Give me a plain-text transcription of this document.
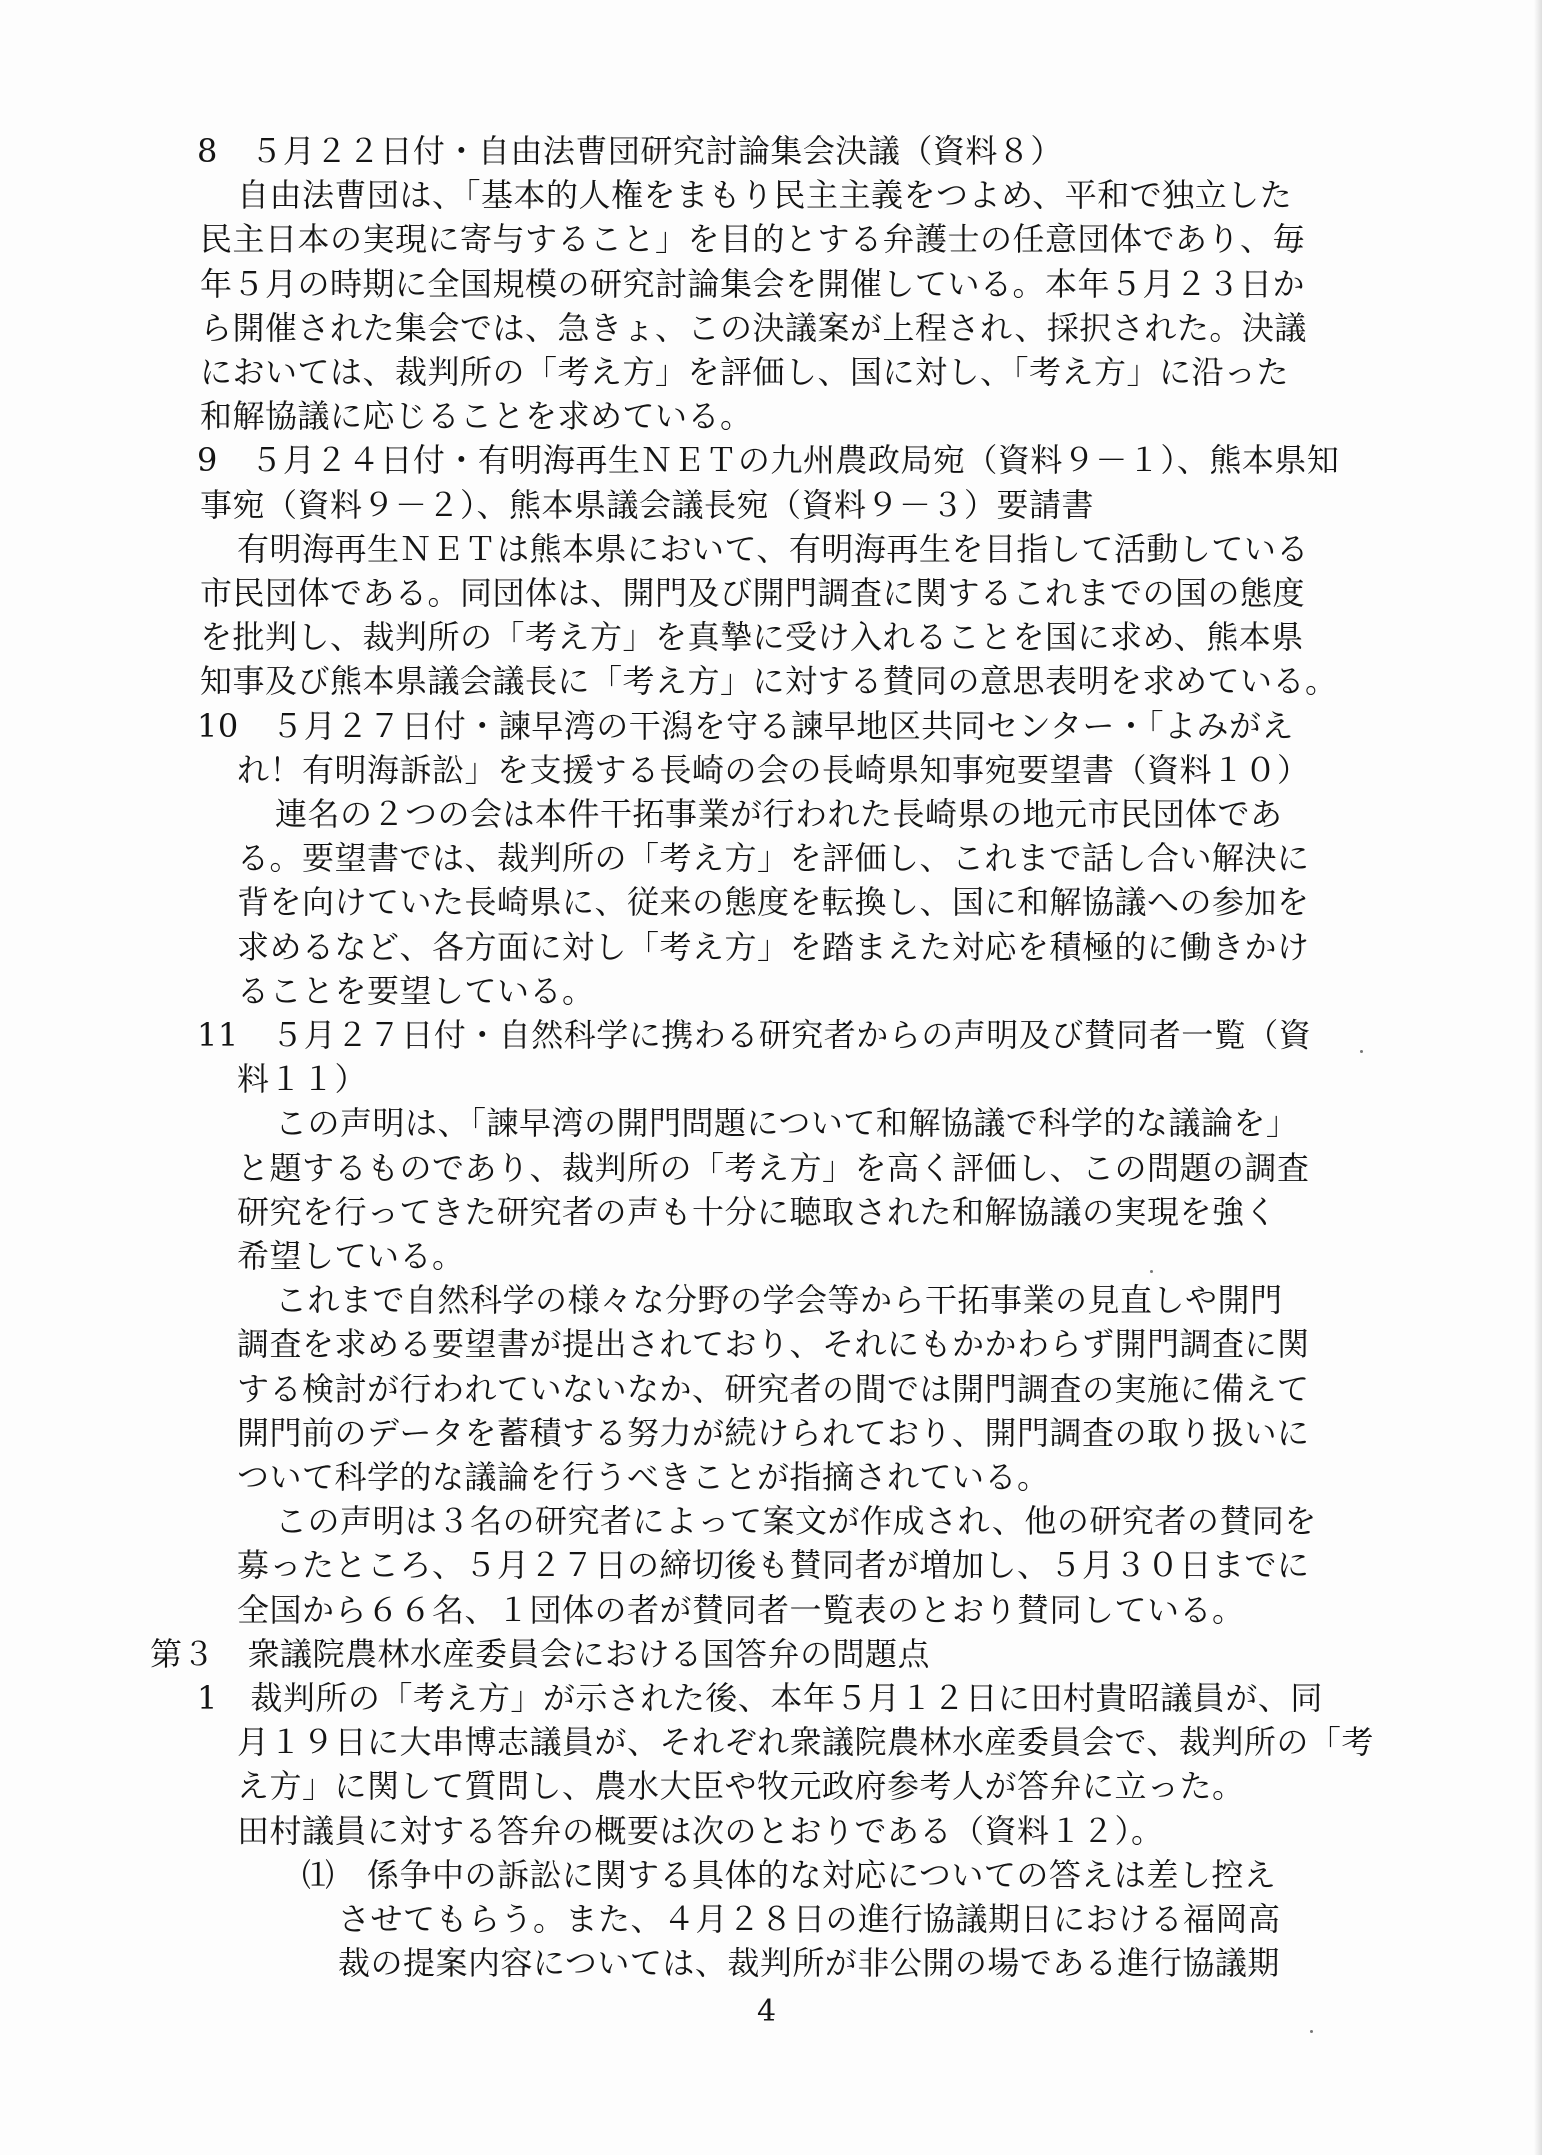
8　５月２２日付・自由法曹団研究討論集会決議（資料８）
自由法曹団は、「基本的人権をまもり民主主義をつよめ、平和で独立した
民主日本の実現に寄与すること」を目的とする弁護士の任意団体であり、毎
年５月の時期に全国規模の研究討論集会を開催している。本年５月２３日か
ら開催された集会では、急きょ、この決議案が上程され、採択された。決議
においては、裁判所の「考え方」を評価し、国に対し、「考え方」に沿った
和解協議に応じることを求めている。
9　５月２４日付・有明海再生ＮＥＴの九州農政局宛（資料９－１）、熊本県知
事宛（資料９－２）、熊本県議会議長宛（資料９－３）要請書
有明海再生ＮＥＴは熊本県において、有明海再生を目指して活動している
市民団体である。同団体は、開門及び開門調査に関するこれまでの国の態度
を批判し、裁判所の「考え方」を真摯に受け入れることを国に求め、熊本県
知事及び熊本県議会議長に「考え方」に対する賛同の意思表明を求めている。
10　５月２７日付・諫早湾の干潟を守る諫早地区共同センター・「よみがえ
れ！有明海訴訟」を支援する長崎の会の長崎県知事宛要望書（資料１０）
連名の２つの会は本件干拓事業が行われた長崎県の地元市民団体であ
る。要望書では、裁判所の「考え方」を評価し、これまで話し合い解決に
背を向けていた長崎県に、従来の態度を転換し、国に和解協議への参加を
求めるなど、各方面に対し「考え方」を踏まえた対応を積極的に働きかけ
ることを要望している。
11　５月２７日付・自然科学に携わる研究者からの声明及び賛同者一覧（資
料１１）
この声明は、「諫早湾の開門問題について和解協議で科学的な議論を」
と題するものであり、裁判所の「考え方」を高く評価し、この問題の調査
研究を行ってきた研究者の声も十分に聴取された和解協議の実現を強く
希望している。
これまで自然科学の様々な分野の学会等から干拓事業の見直しや開門
調査を求める要望書が提出されており、それにもかかわらず開門調査に関
する検討が行われていないなか、研究者の間では開門調査の実施に備えて
開門前のデータを蓄積する努力が続けられており、開門調査の取り扱いに
ついて科学的な議論を行うべきことが指摘されている。
この声明は３名の研究者によって案文が作成され、他の研究者の賛同を
募ったところ、５月２７日の締切後も賛同者が増加し、５月３０日までに
全国から６６名、１団体の者が賛同者一覧表のとおり賛同している。
第３　衆議院農林水産委員会における国答弁の問題点
1　裁判所の「考え方」が示された後、本年５月１２日に田村貴昭議員が、同
月１９日に大串博志議員が、それぞれ衆議院農林水産委員会で、裁判所の「考
え方」に関して質問し、農水大臣や牧元政府参考人が答弁に立った。
田村議員に対する答弁の概要は次のとおりである（資料１２）。
⑴　係争中の訴訟に関する具体的な対応についての答えは差し控え
させてもらう。また、４月２８日の進行協議期日における福岡高
裁の提案内容については、裁判所が非公開の場である進行協議期
4
